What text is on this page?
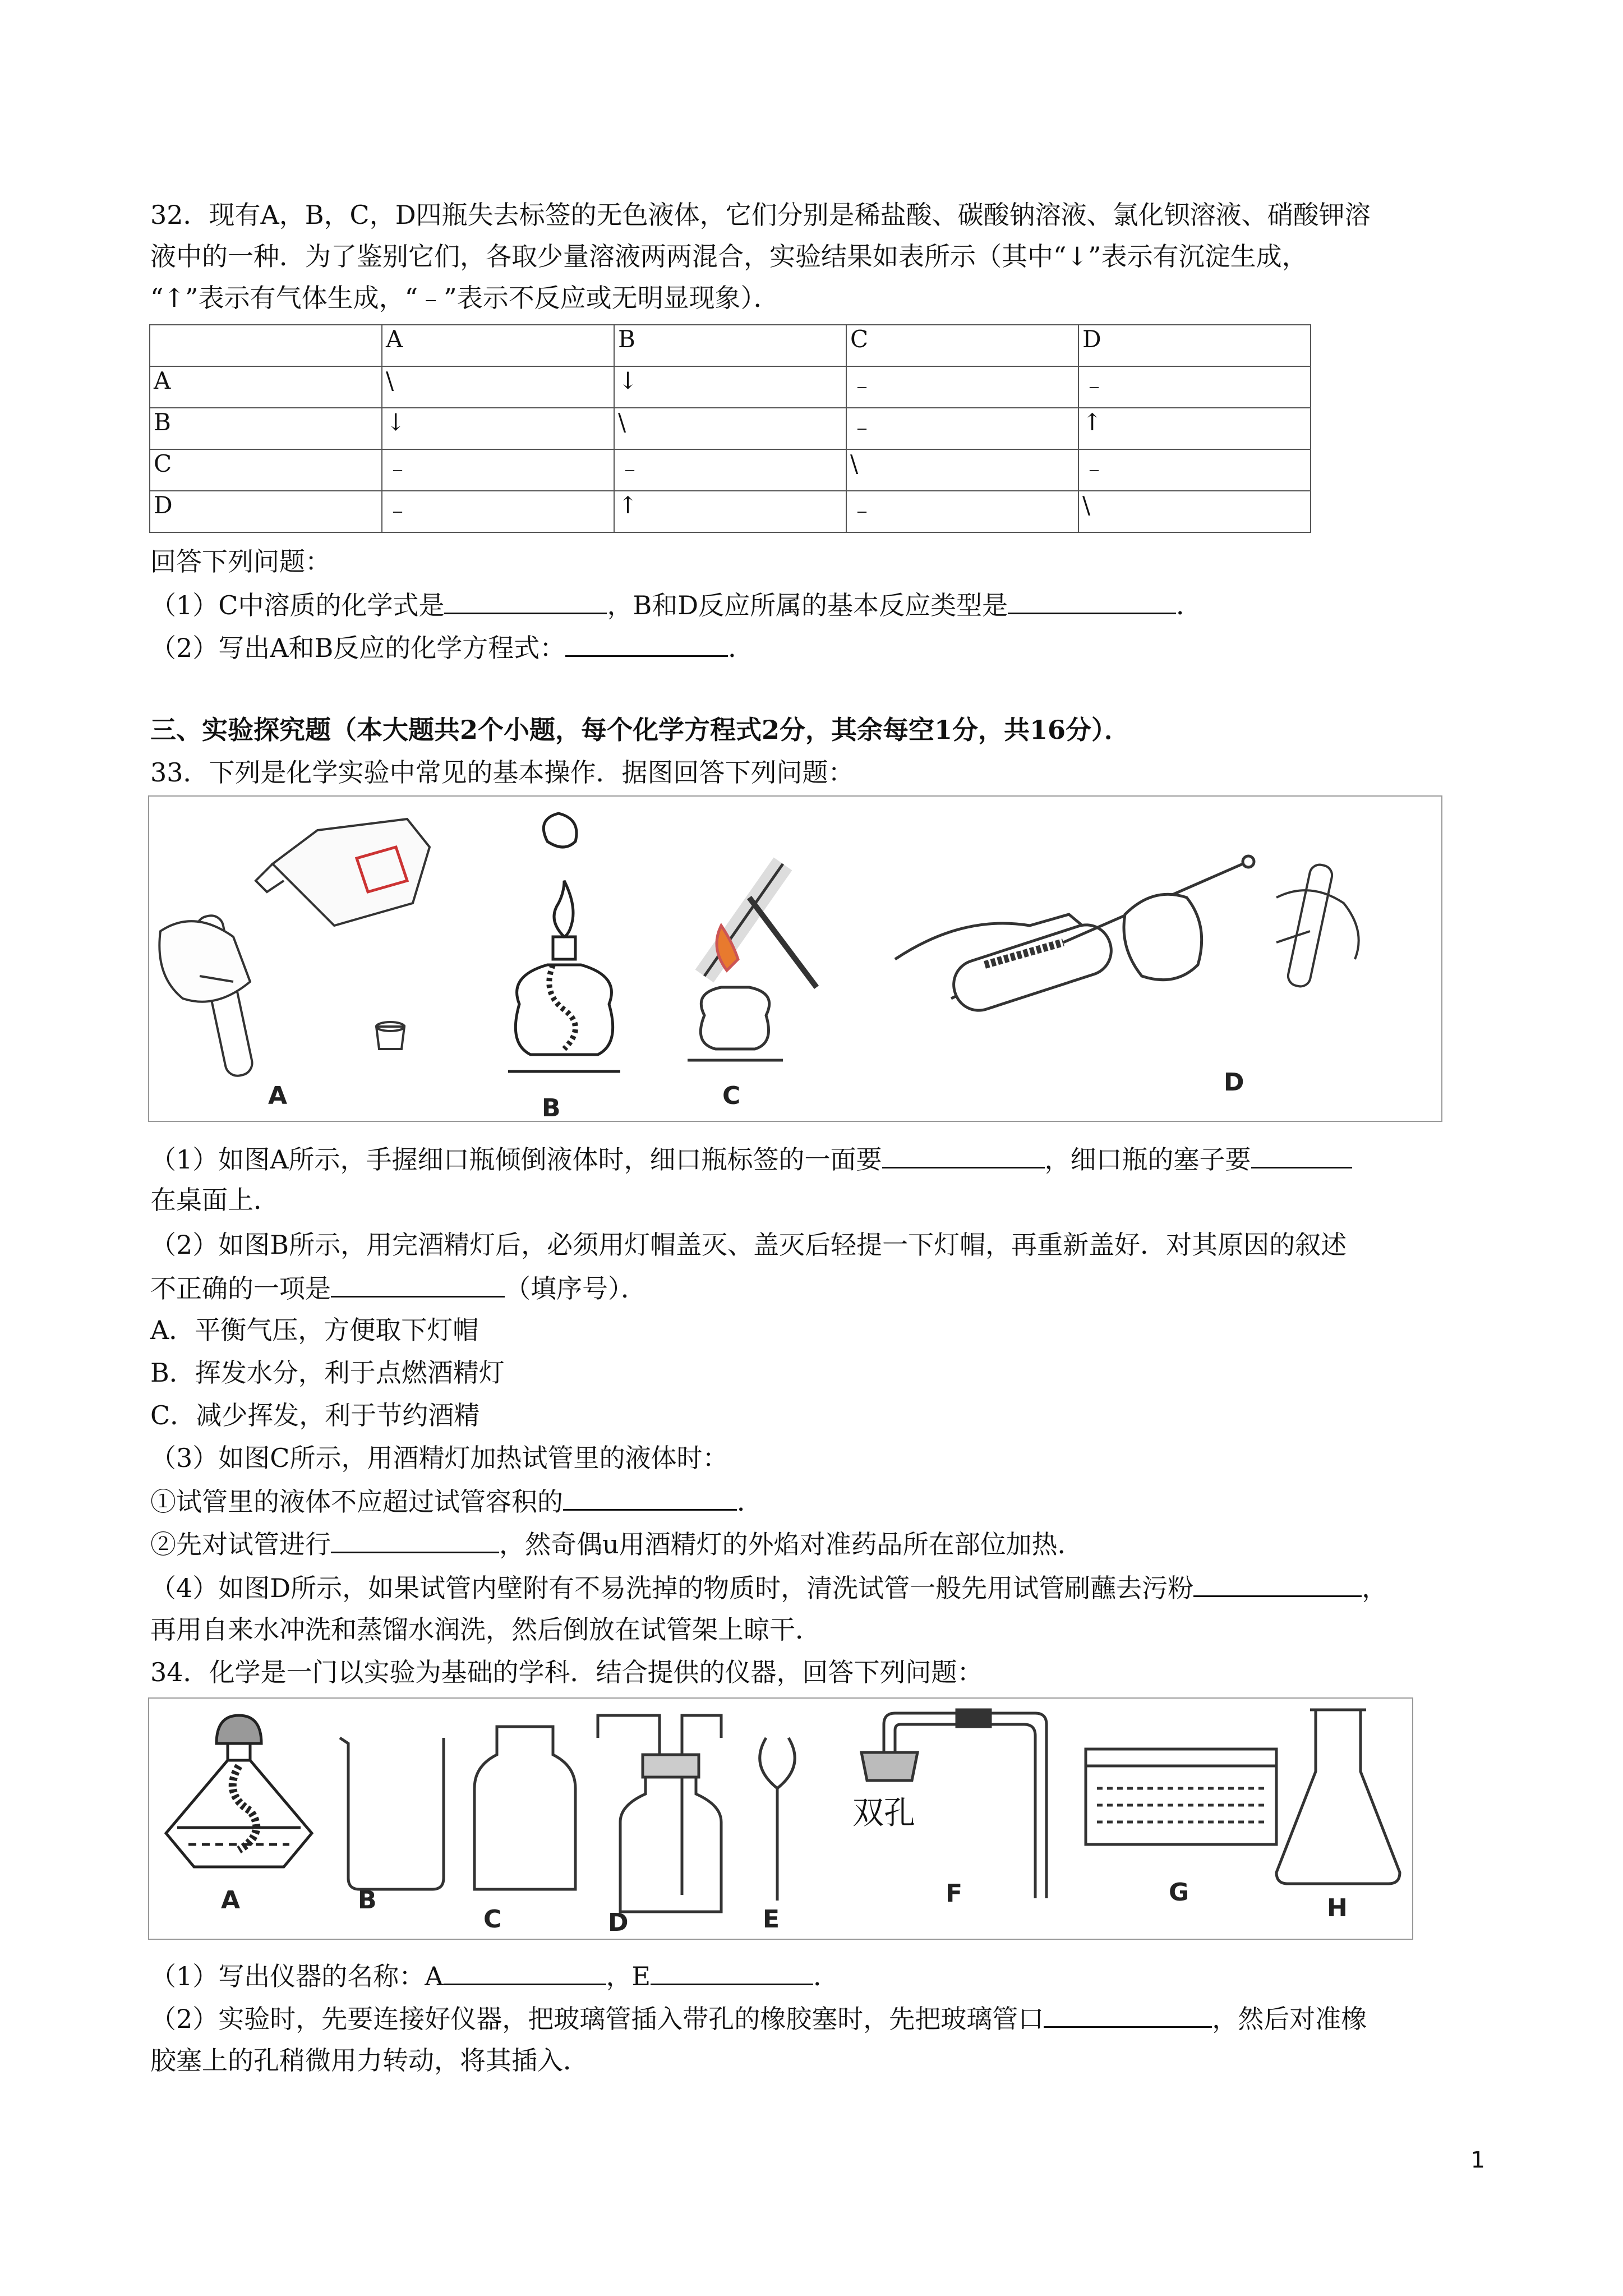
32．现有A，B，C，D四瓶失去标签的无色液体，它们分别是稀盐酸、碳酸钠溶液、氯化钡溶液、硝酸钾溶
液中的一种．为了鉴别它们，各取少量溶液两两混合，实验结果如表所示（其中“↓”表示有沉淀生成，
“↑”表示有气体生成，“﹣”表示不反应或无明显现象）．
	A	B	C	D
A	\	↓	﹣	﹣
B	↓	\	﹣	↑
C	﹣	﹣	\	﹣
D	﹣	↑	﹣	\
回答下列问题：
（1）C中溶质的化学式是	，B和D反应所属的基本反应类型是	．
（2）写出A和B反应的化学方程式：	．
三、实验探究题（本大题共2个小题，每个化学方程式2分，其余每空1分，共16分）．
33．下列是化学实验中常见的基本操作．据图回答下列问题：
A	B	C	D
（1）如图A所示，手握细口瓶倾倒液体时，细口瓶标签的一面要	，细口瓶的塞子要
在桌面上．
（2）如图B所示，用完酒精灯后，必须用灯帽盖灭、盖灭后轻提一下灯帽，再重新盖好．对其原因的叙述
不正确的一项是	（填序号）．
A．平衡气压，方便取下灯帽
B．挥发水分，利于点燃酒精灯
C．减少挥发，利于节约酒精
（3）如图C所示，用酒精灯加热试管里的液体时：
①试管里的液体不应超过试管容积的	．
②先对试管进行	，然奇偶u用酒精灯的外焰对准药品所在部位加热．
（4）如图D所示，如果试管内壁附有不易洗掉的物质时，清洗试管一般先用试管刷蘸去污粉	，
再用自来水冲洗和蒸馏水润洗，然后倒放在试管架上晾干．
34．化学是一门以实验为基础的学科．结合提供的仪器，回答下列问题：
A	B
C	D	E
双孔
F	G
H
（1）写出仪器的名称：A	，E	．
（2）实验时，先要连接好仪器，把玻璃管插入带孔的橡胶塞时，先把玻璃管口	，然后对准橡
胶塞上的孔稍微用力转动，将其插入．
1
